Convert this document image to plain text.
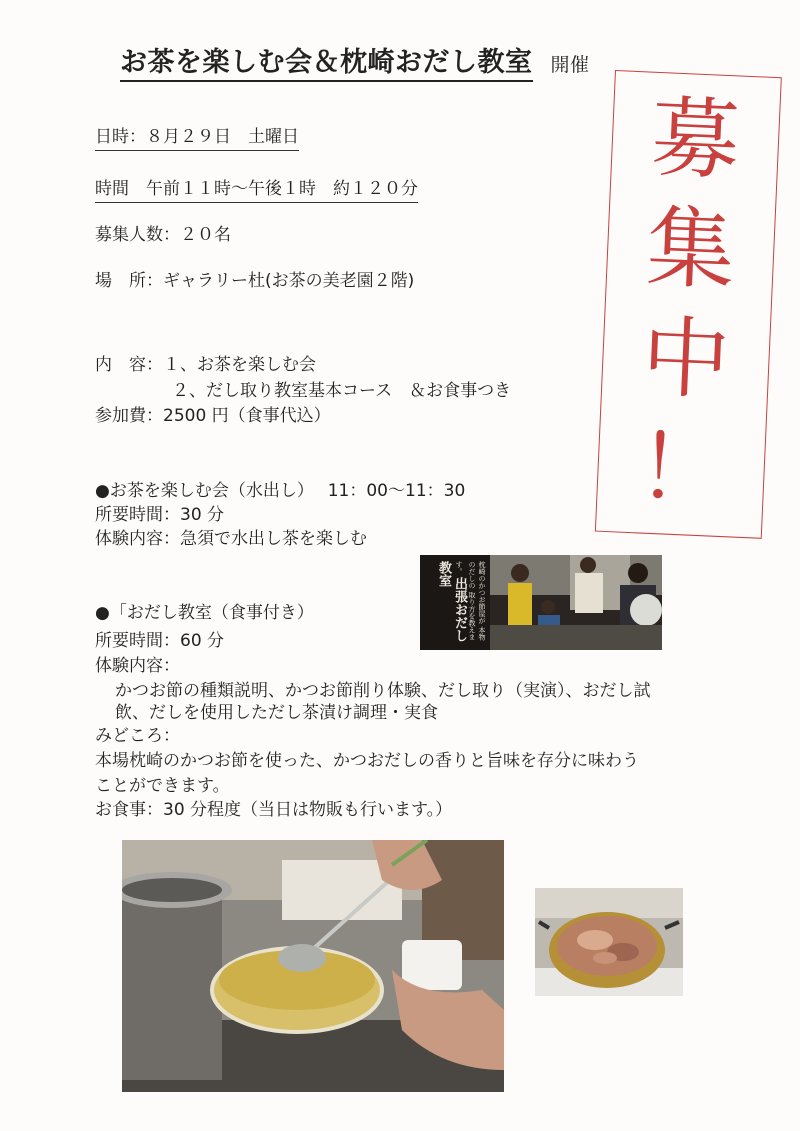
お茶を楽しむ会＆枕崎おだし教室 開催
募
集
中
！
日時：８月２９日　土曜日
時間　午前１１時〜午後１時　約１２０分
募集人数：２０名
場　所：ギャラリー杜(お茶の美老園２階)
内　容：１、お茶を楽しむ会
２、だし取り教室基本コース　＆お食事つき
参加費：2500 円（食事代込）
●お茶を楽しむ会（水出し）　 11：00〜11：30
所要時間：30 分
体験内容：急須で水出し茶を楽しむ
●「おだし教室（食事付き）
所要時間：60 分
体験内容：
かつお節の種類説明、かつお節削り体験、だし取り（実演）、おだし試
飲、だしを使用しただし茶漬け調理・実食
みどころ：
本場枕崎のかつお節を使った、かつおだしの香りと旨味を存分に味わう
ことができます。
お食事：30 分程度（当日は物販も行います。）
枕崎のかつお節屋が 本物のだしの 取り方を教えます。 出張おだし教室
